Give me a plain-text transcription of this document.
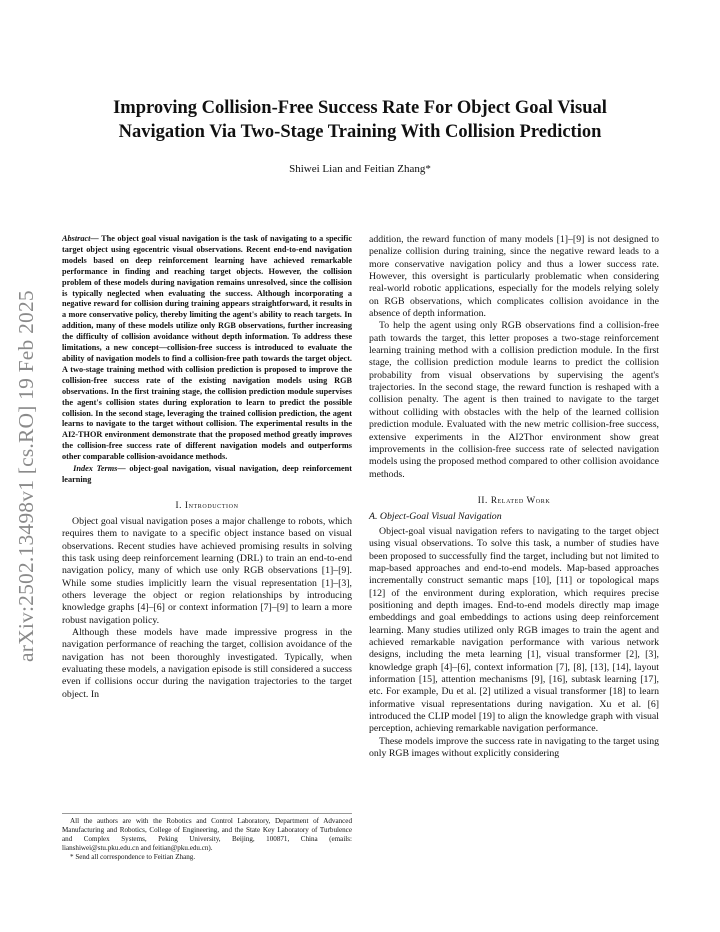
arXiv:2502.13498v1 [cs.RO] 19 Feb 2025
Improving Collision-Free Success Rate For Object Goal Visual
Navigation Via Two-Stage Training With Collision Prediction
Shiwei Lian and Feitian Zhang*
Abstract— The object goal visual navigation is the task of navigating to a specific target object using egocentric visual observations. Recent end-to-end navigation models based on deep reinforcement learning have achieved remarkable performance in finding and reaching target objects. However, the collision problem of these models during navigation remains unresolved, since the collision is typically neglected when evaluating the success. Although incorporating a negative reward for collision during training appears straightforward, it results in a more conservative policy, thereby limiting the agent's ability to reach targets. In addition, many of these models utilize only RGB observations, further increasing the difficulty of collision avoidance without depth information. To address these limitations, a new concept—collision-free success is introduced to evaluate the ability of navigation models to find a collision-free path towards the target object. A two-stage training method with collision prediction is proposed to improve the collision-free success rate of the existing navigation models using RGB observations. In the first training stage, the collision prediction module supervises the agent's collision states during exploration to learn to predict the possible collision. In the second stage, leveraging the trained collision prediction, the agent learns to navigate to the target without collision. The experimental results in the AI2-THOR environment demonstrate that the proposed method greatly improves the collision-free success rate of different navigation models and outperforms other comparable collision-avoidance methods.
Index Terms— object-goal navigation, visual navigation, deep reinforcement learning
I. Introduction

Object goal visual navigation poses a major challenge to robots, which requires them to navigate to a specific object instance based on visual observations. Recent studies have achieved promising results in solving this task using deep reinforcement learning (DRL) to train an end-to-end navigation policy, many of which use only RGB observations [1]–[9]. While some studies implicitly learn the visual representation [1]–[3], others leverage the object or region relationships by introducing knowledge graphs [4]–[6] or context information [7]–[9] to learn a more robust navigation policy.

Although these models have made impressive progress in the navigation performance of reaching the target, collision avoidance of the navigation has not been thoroughly investigated. Typically, when evaluating these models, a navigation episode is still considered a success even if collisions occur during the navigation trajectories to the target object. In

addition, the reward function of many models [1]–[9] is not designed to penalize collision during training, since the negative reward leads to a more conservative navigation policy and thus a lower success rate. However, this oversight is particularly problematic when considering real-world robotic applications, especially for the models relying solely on RGB observations, which complicates collision avoidance in the absence of depth information.

To help the agent using only RGB observations find a collision-free path towards the target, this letter proposes a two-stage reinforcement learning training method with a collision prediction module. In the first stage, the collision prediction module learns to predict the collision probability from visual observations by supervising the agent's trajectories. In the second stage, the reward function is reshaped with a collision penalty. The agent is then trained to navigate to the target without colliding with obstacles with the help of the learned collision prediction module. Evaluated with the new metric collision-free success, extensive experiments in the AI2Thor environment show great improvements in the collision-free success rate of selected navigation models using the proposed method compared to other collision avoidance methods.

II. Related Work
A. Object-Goal Visual Navigation

Object-goal visual navigation refers to navigating to the target object using visual observations. To solve this task, a number of studies have been proposed to successfully find the target, including but not limited to map-based approaches and end-to-end models. Map-based approaches incrementally construct semantic maps [10], [11] or topological maps [12] of the environment during exploration, which requires precise positioning and depth images. End-to-end models directly map image embeddings and goal embeddings to actions using deep reinforcement learning. Many studies utilized only RGB images to train the agent and achieved remarkable navigation performance with various network designs, including the meta learning [1], visual transformer [2], [3], knowledge graph [4]–[6], context information [7], [8], [13], [14], layout information [15], attention mechanisms [9], [16], subtask learning [17], etc. For example, Du et al. [2] utilized a visual transformer [18] to learn informative visual representations during navigation. Xu et al. [6] introduced the CLIP model [19] to align the knowledge graph with visual perception, achieving remarkable navigation performance.

These models improve the success rate in navigating to the target using only RGB images without explicitly considering

All the authors are with the Robotics and Control Laboratory, Department of Advanced Manufacturing and Robotics, College of Engineering, and the State Key Laboratory of Turbulence and Complex Systems, Peking University, Beijing, 100871, China (emails: lianshiwei@stu.pku.edu.cn and feitian@pku.edu.cn).

* Send all correspondence to Feitian Zhang.
